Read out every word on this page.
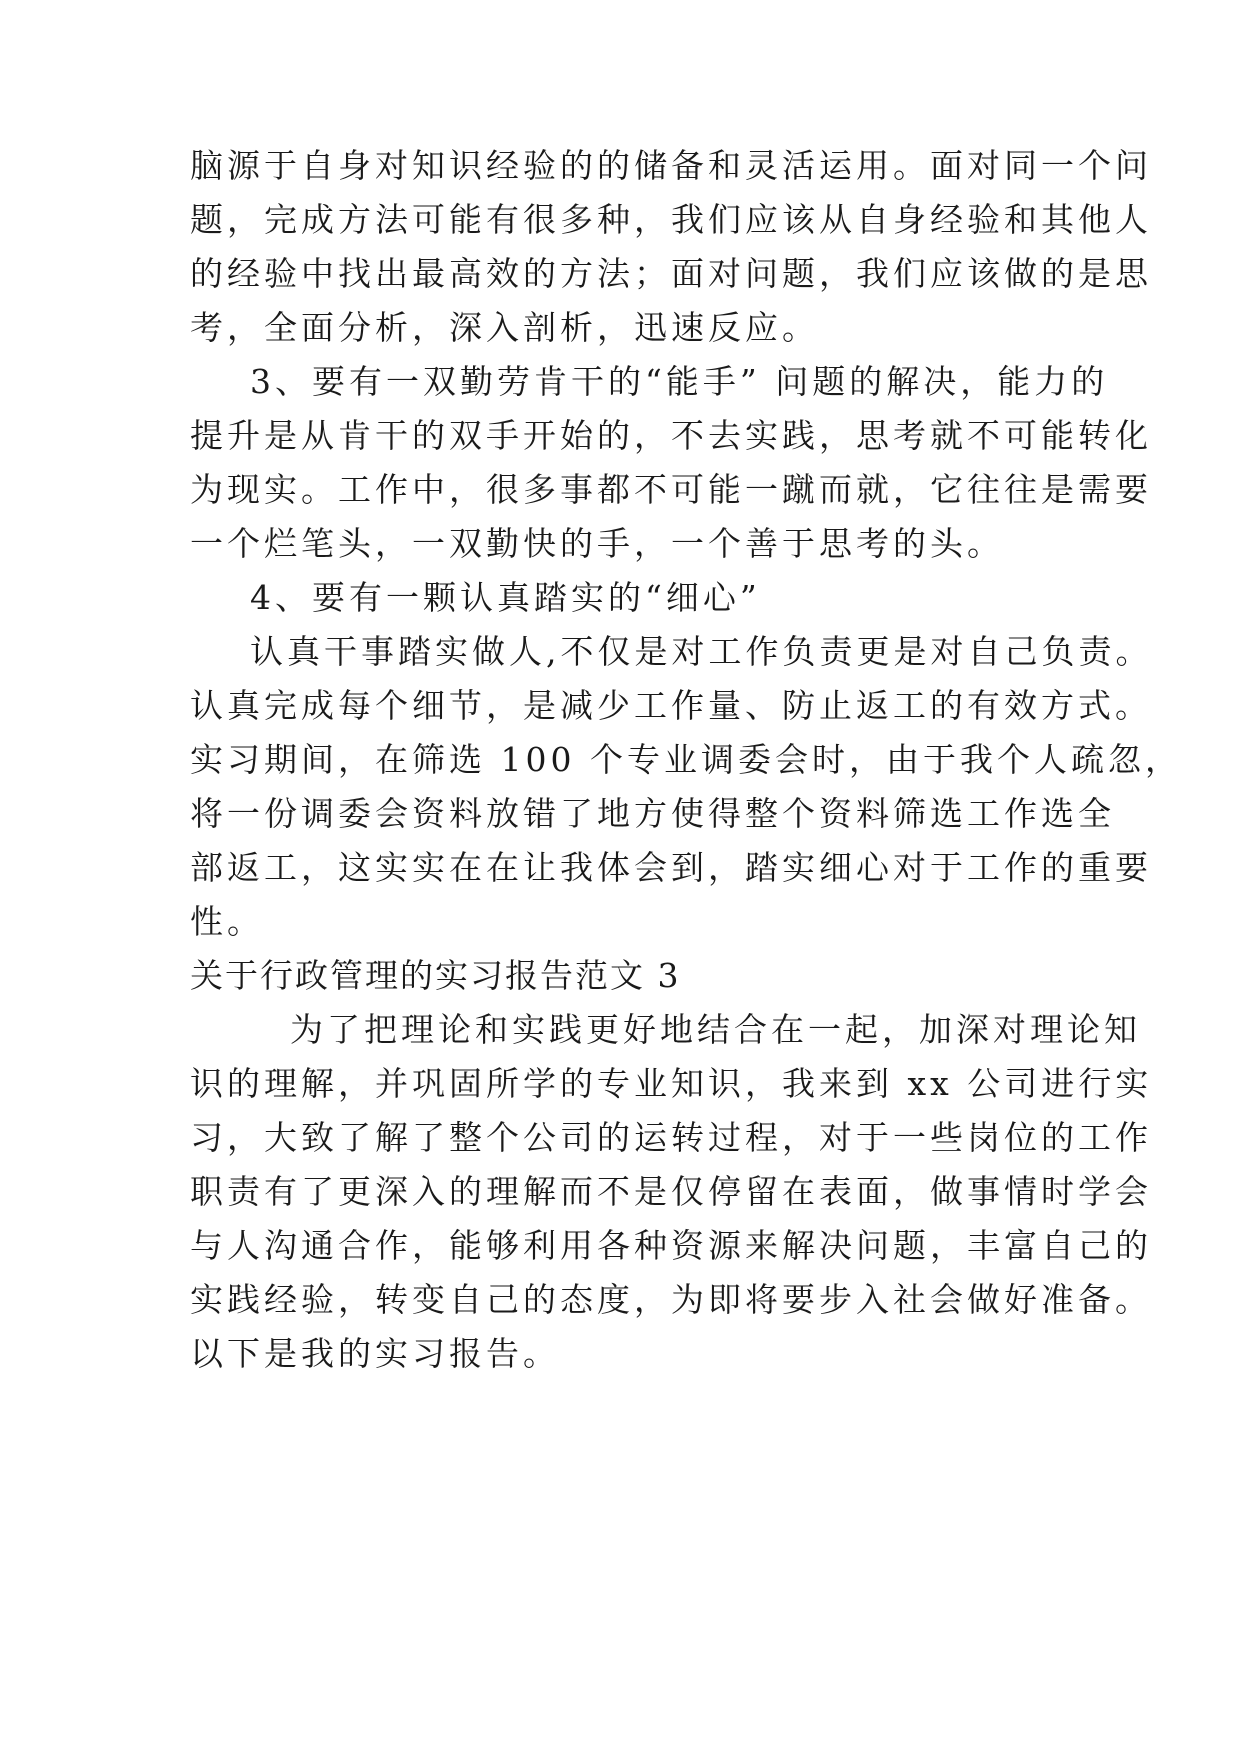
脑源于自身对知识经验的的储备和灵活运用。面对同一个问
题，完成方法可能有很多种，我们应该从自身经验和其他人
的经验中找出最高效的方法；面对问题，我们应该做的是思
考，全面分析，深入剖析，迅速反应。
3、要有一双勤劳肯干的“能手” 问题的解决，能力的
提升是从肯干的双手开始的，不去实践，思考就不可能转化
为现实。工作中，很多事都不可能一蹴而就，它往往是需要
一个烂笔头，一双勤快的手，一个善于思考的头。
4、要有一颗认真踏实的“细心”
认真干事踏实做人,不仅是对工作负责更是对自己负责。
认真完成每个细节，是减少工作量、防止返工的有效方式。
实习期间，在筛选 100 个专业调委会时，由于我个人疏忽，
将一份调委会资料放错了地方使得整个资料筛选工作选全
部返工，这实实在在让我体会到，踏实细心对于工作的重要
性。
关于行政管理的实习报告范文 3
为了把理论和实践更好地结合在一起，加深对理论知
识的理解，并巩固所学的专业知识，我来到 xx 公司进行实
习，大致了解了整个公司的运转过程，对于一些岗位的工作
职责有了更深入的理解而不是仅停留在表面，做事情时学会
与人沟通合作，能够利用各种资源来解决问题，丰富自己的
实践经验，转变自己的态度，为即将要步入社会做好准备。
以下是我的实习报告。
